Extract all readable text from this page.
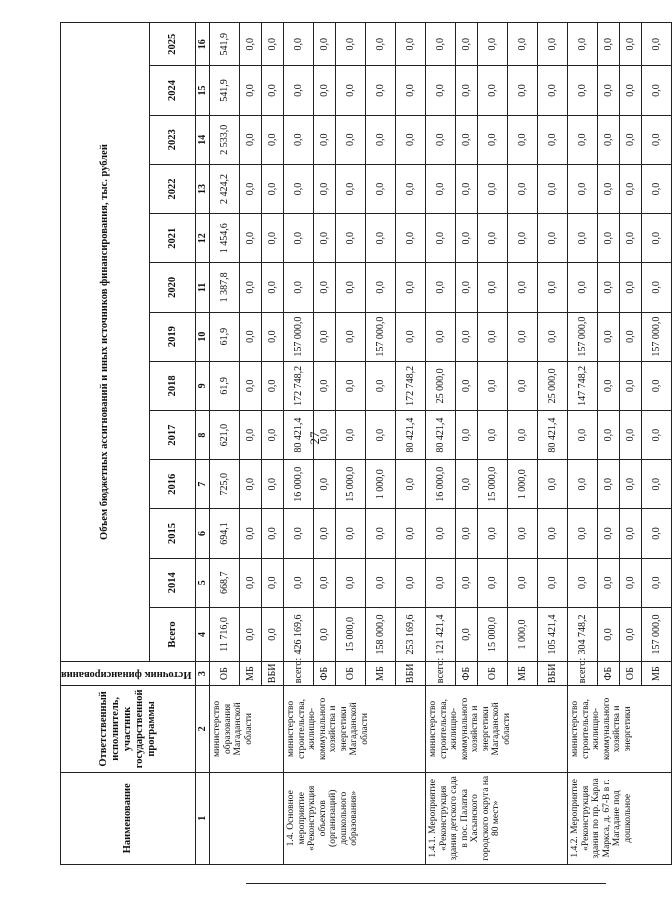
27
Наименование	Ответственный исполнитель, участник государственной программы	Источник финансирования	Объем бюджетных ассигнований и иных источников финансирования, тыс. рублей												
			Всего	2014	2015	2016	2017	2018	2019	2020	2021	2022	2023	2024	2025
1	2	3	4	5	6	7	8	9	10	11	12	13	14	15	16
	министерство образования Магаданской области	ОБ	11 716,0	668,7	694,1	725,0	621,0	61,9	61,9	1 387,8	1 454,6	2 424,2	2 533,0	541,9	541,9
		МБ	0,0	0,0	0,0	0,0	0,0	0,0	0,0	0,0	0,0	0,0	0,0	0,0	0,0
		ВБИ	0,0	0,0	0,0	0,0	0,0	0,0	0,0	0,0	0,0	0,0	0,0	0,0	0,0
1.4. Основное мероприятие «Реконструкция объектов (организаций) дошкольного образования»	министерство строительства, жилищно-коммунального хозяйства и энергетики Магаданской области	всего:	426 169,6	0,0	0,0	16 000,0	80 421,4	172 748,2	157 000,0	0,0	0,0	0,0	0,0	0,0	0,0
		ФБ	0,0	0,0	0,0	0,0	0,0	0,0	0,0	0,0	0,0	0,0	0,0	0,0	0,0
		ОБ	15 000,0	0,0	0,0	15 000,0	0,0	0,0	0,0	0,0	0,0	0,0	0,0	0,0	0,0
		МБ	158 000,0	0,0	0,0	1 000,0	0,0	0,0	157 000,0	0,0	0,0	0,0	0,0	0,0	0,0
		ВБИ	253 169,6	0,0	0,0	0,0	80 421,4	172 748,2	0,0	0,0	0,0	0,0	0,0	0,0	0,0
1.4.1. Мероприятие «Реконструкция здания детского сада в пос. Палатка Хасынского городского округа на 80 мест»	министерство строительства, жилищно-коммунального хозяйства и энергетики Магаданской области	всего:	121 421,4	0,0	0,0	16 000,0	80 421,4	25 000,0	0,0	0,0	0,0	0,0	0,0	0,0	0,0
		ФБ	0,0	0,0	0,0	0,0	0,0	0,0	0,0	0,0	0,0	0,0	0,0	0,0	0,0
		ОБ	15 000,0	0,0	0,0	15 000,0	0,0	0,0	0,0	0,0	0,0	0,0	0,0	0,0	0,0
		МБ	1 000,0	0,0	0,0	1 000,0	0,0	0,0	0,0	0,0	0,0	0,0	0,0	0,0	0,0
		ВБИ	105 421,4	0,0	0,0	0,0	80 421,4	25 000,0	0,0	0,0	0,0	0,0	0,0	0,0	0,0
1.4.2. Мероприятие «Реконструкция здания по пр. Карла Маркса, д. 67-В в г. Магадане под дошкольное	министерство строительства, жилищно-коммунального хозяйства и энергетики	всего:	304 748,2	0,0	0,0	0,0	0,0	147 748,2	157 000,0	0,0	0,0	0,0	0,0	0,0	0,0
		ФБ	0,0	0,0	0,0	0,0	0,0	0,0	0,0	0,0	0,0	0,0	0,0	0,0	0,0
		ОБ	0,0	0,0	0,0	0,0	0,0	0,0	0,0	0,0	0,0	0,0	0,0	0,0	0,0
		МБ	157 000,0	0,0	0,0	0,0	0,0	0,0	157 000,0	0,0	0,0	0,0	0,0	0,0	0,0
